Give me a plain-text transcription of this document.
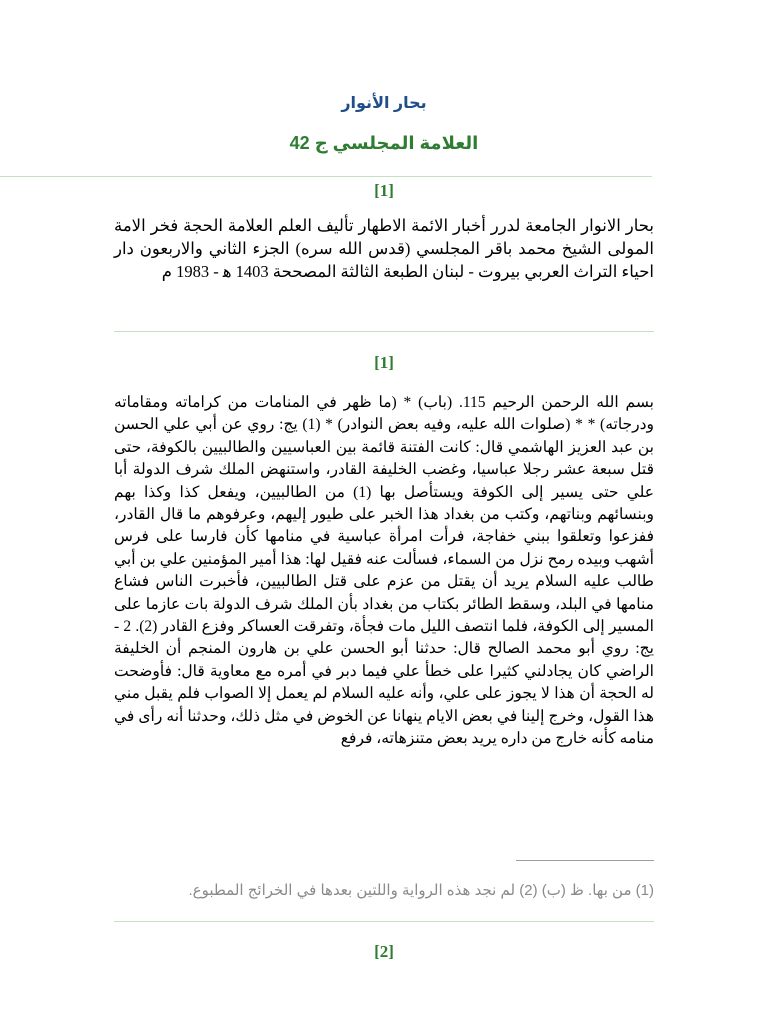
بحار الأنوار
العلامة المجلسي ج 42
[1]
بحار الانوار الجامعة لدرر أخبار الائمة الاطهار تأليف العلم العلامة الحجة فخر الامة المولى الشيخ محمد باقر المجلسي (قدس الله سره) الجزء الثاني والاربعون دار احياء التراث العربي بيروت - لبنان الطبعة الثالثة المصححة 1403 ه‍ - 1983 م
[1]
بسم الله الرحمن الرحيم 115. (باب) * (ما ظهر في المنامات من كراماته ومقاماته ودرجاته) * * (صلوات الله عليه، وفيه بعض النوادر) * (1) يج: روي عن أبي علي الحسن بن عبد العزيز الهاشمي قال: كانت الفتنة قائمة بين العباسيين والطالبيين بالكوفة، حتى قتل سبعة عشر رجلا عباسيا، وغضب الخليفة القادر، واستنهض الملك شرف الدولة أبا علي حتى يسير إلى الكوفة ويستأصل بها (1) من الطالبيين، ويفعل كذا وكذا بهم وبنسائهم وبناتهم، وكتب من بغداد هذا الخبر على طيور إليهم، وعرفوهم ما قال القادر، ففزعوا وتعلقوا ببني خفاجة، فرأت امرأة عباسية في منامها كأن فارسا على فرس أشهب وبيده رمح نزل من السماء، فسألت عنه فقيل لها: هذا أمير المؤمنين علي بن أبي طالب عليه السلام يريد أن يقتل من عزم على قتل الطالبيين، فأخبرت الناس فشاع منامها في البلد، وسقط الطائر بكتاب من بغداد بأن الملك شرف الدولة بات عازما على المسير إلى الكوفة، فلما انتصف الليل مات فجأة، وتفرقت العساكر وفزع القادر (2). 2 - يج: روي أبو محمد الصالح قال: حدثنا أبو الحسن علي بن هارون المنجم أن الخليفة الراضي كان يجادلني كثيرا على خطأ علي فيما دبر في أمره مع معاوية قال: فأوضحت له الحجة أن هذا لا يجوز على علي، وأنه عليه السلام لم يعمل إلا الصواب فلم يقبل مني هذا القول، وخرج إلينا في بعض الايام ينهانا عن الخوض في مثل ذلك، وحدثنا أنه رأى في منامه كأنه خارج من داره يريد بعض متنزهاته، فرفع
(1) من بها. ظ (ب) (2) لم نجد هذه الرواية واللتين بعدها في الخرائج المطبوع.
[2]
